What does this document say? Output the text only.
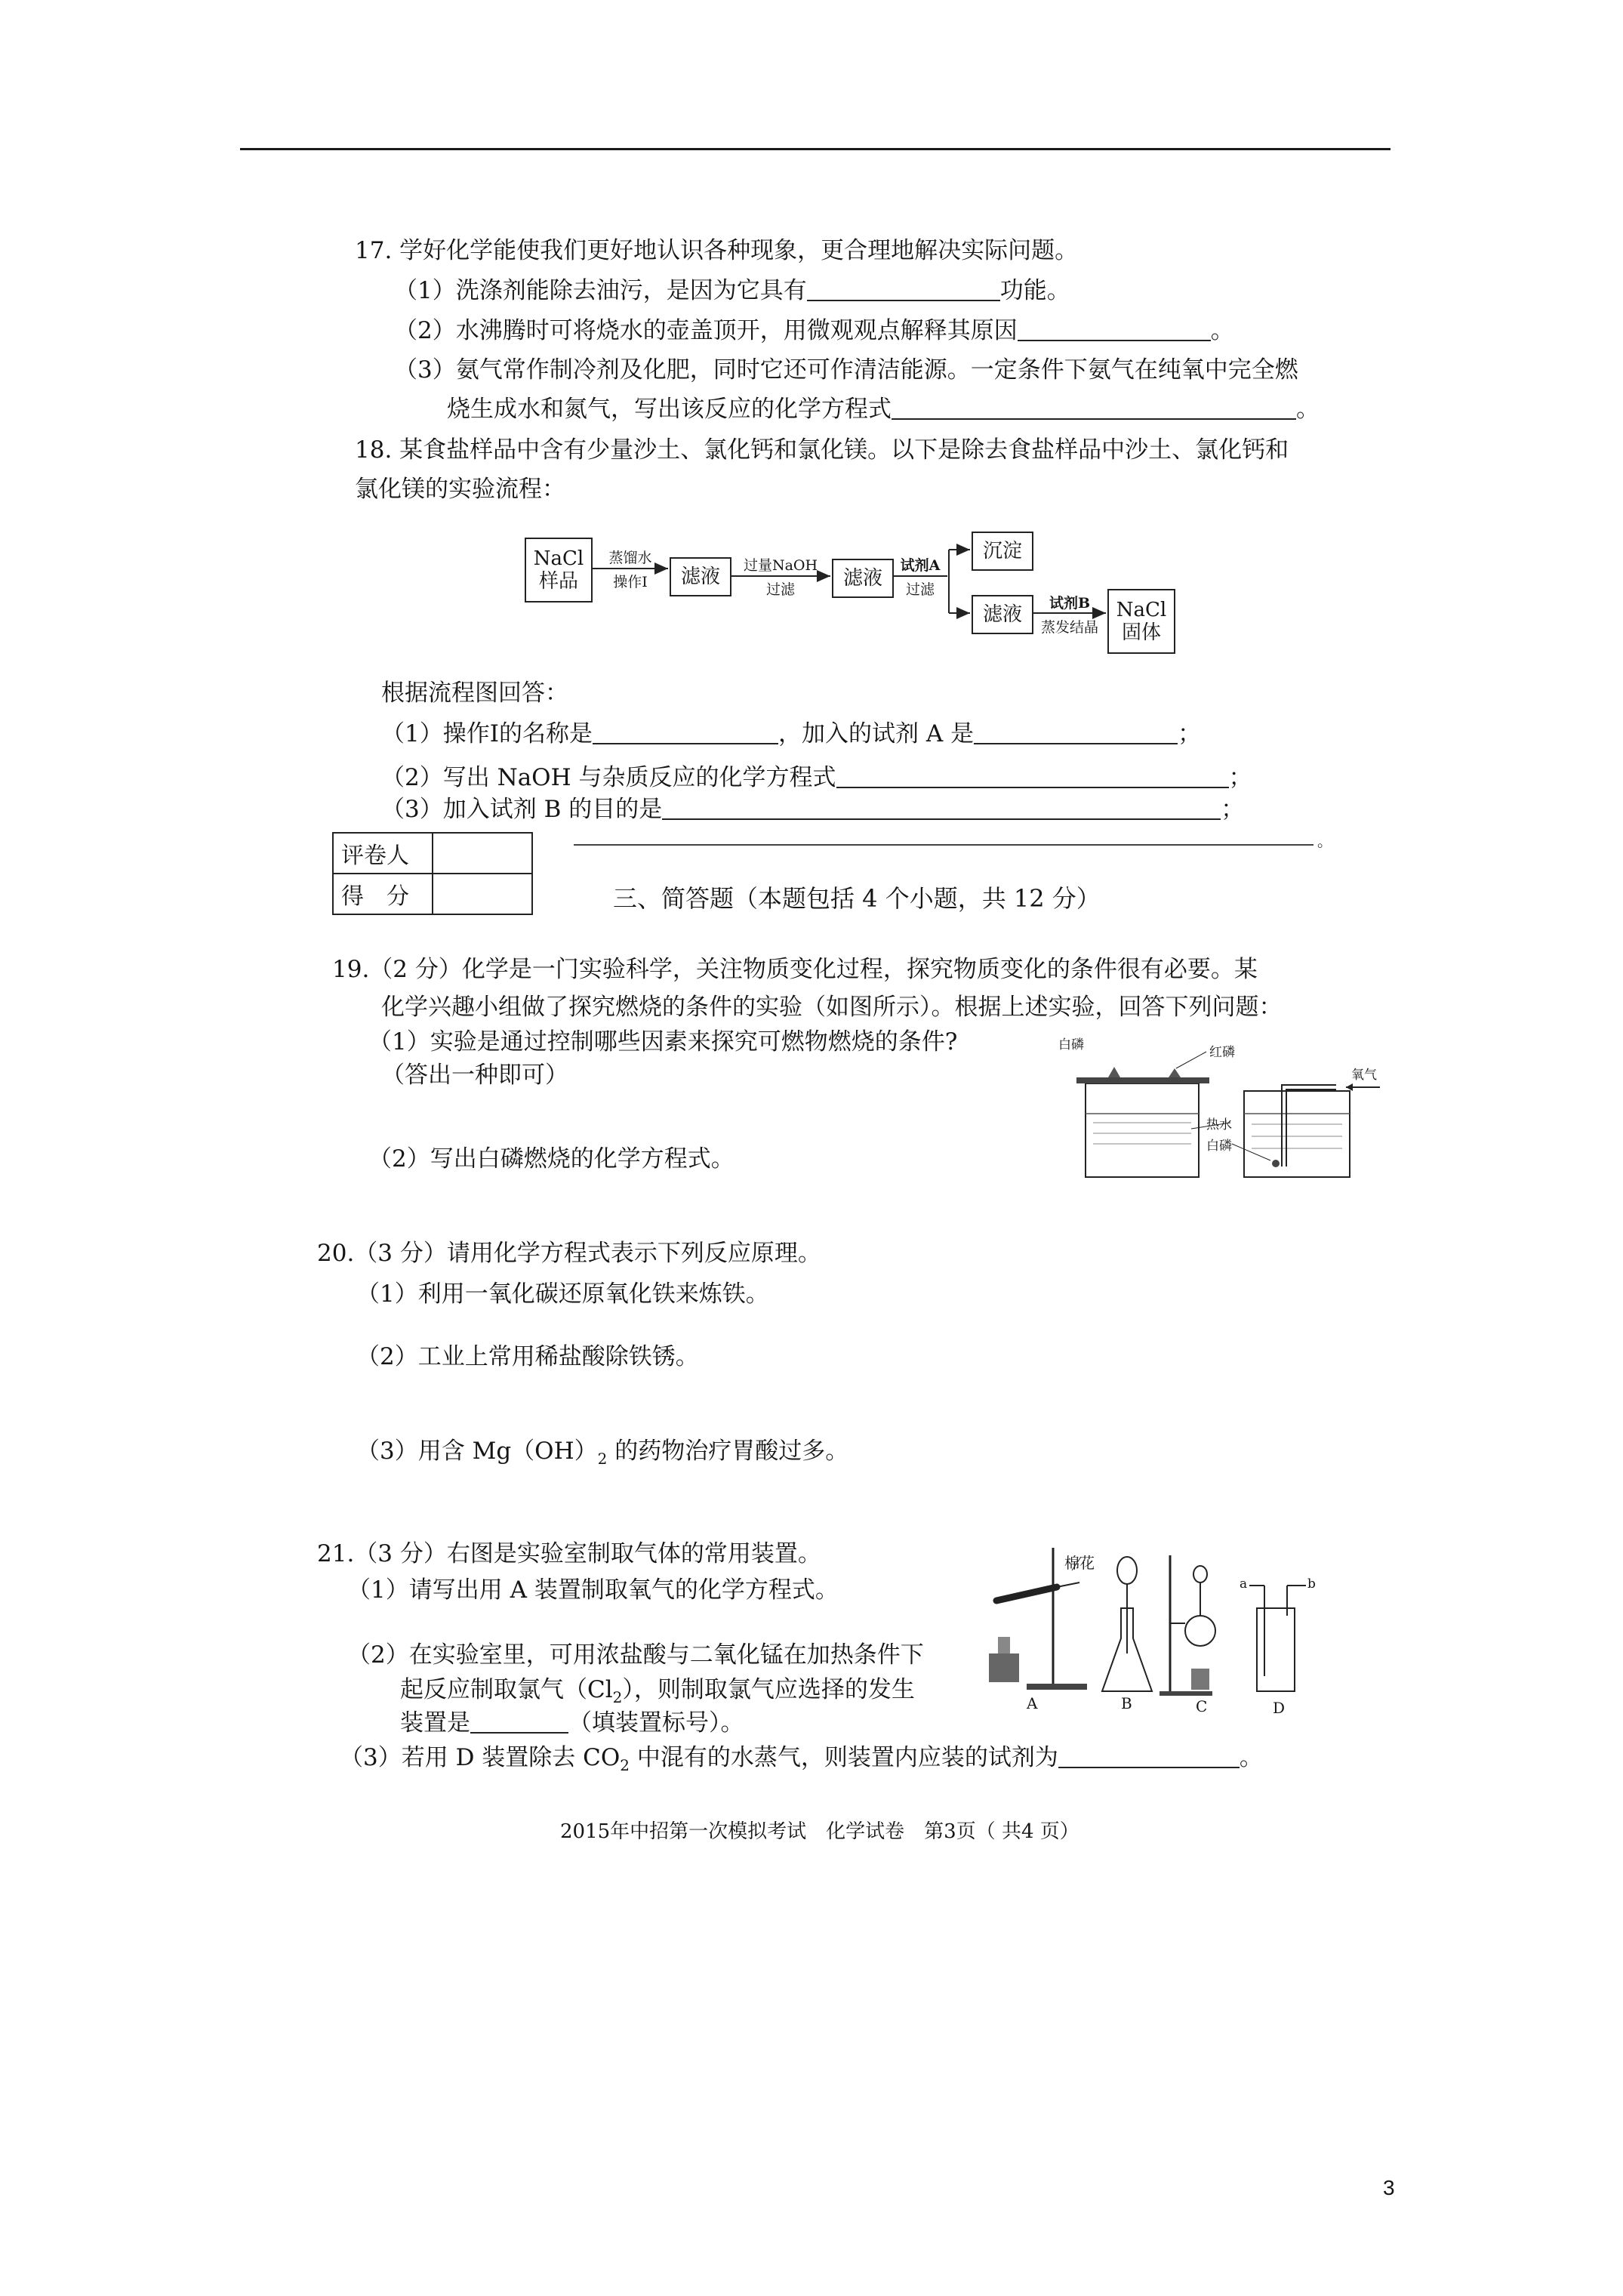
17. 学好化学能使我们更好地认识各种现象，更合理地解决实际问题。
（1）洗涤剂能除去油污，是因为它具有	功能。
（2）水沸腾时可将烧水的壶盖顶开，用微观观点解释其原因	。
（3）氨气常作制冷剂及化肥，同时它还可作清洁能源。一定条件下氨气在纯氧中完全燃
烧生成水和氮气，写出该反应的化学方程式	。
18. 某食盐样品中含有少量沙土、氯化钙和氯化镁。以下是除去食盐样品中沙土、氯化钙和
氯化镁的实验流程：
NaCl
样品
蒸馏水
操作Ⅰ	滤液	过量NaOH
过滤	滤液
试剂A
过滤
沉淀
滤液	试剂B
蒸发结晶
NaCl
固体
根据流程图回答：
（1）操作Ⅰ的名称是	，加入的试剂 A 是	；
（2）写出 NaOH 与杂质反应的化学方程式	；
（3）加入试剂 B 的目的是	；
。
评卷人	
得　分		三、简答题（本题包括 4 个小题，共 12 分）
19.（2 分）化学是一门实验科学，关注物质变化过程，探究物质变化的条件很有必要。某
化学兴趣小组做了探究燃烧的条件的实验（如图所示）。根据上述实验，回答下列问题：
（1）实验是通过控制哪些因素来探究可燃物燃烧的条件?
（答出一种即可）
（2）写出白磷燃烧的化学方程式。
白磷	红磷
氧气
热水
白磷
20.（3 分）请用化学方程式表示下列反应原理。
（1）利用一氧化碳还原氧化铁来炼铁。
（2）工业上常用稀盐酸除铁锈。
（3）用含 $Mg(OH)_2$ 的药物治疗胃酸过多。
21.（3 分）右图是实验室制取气体的常用装置。
（1）请写出用 A 装置制取氧气的化学方程式。
（2）在实验室里，可用浓盐酸与二氧化锰在加热条件下
起反应制取氯气$(Cl_2)$，则制取氯气应选择的发生
装置是	（填装置标号）。
（3）若用 D 装置除去 $CO_2$ 中混有的水蒸气，则装置内应装的试剂为	。
棉花
A	B	C	D
a	b
2015年中招第一次模拟考试　化学试卷　第3页（ 共4 页）
3
